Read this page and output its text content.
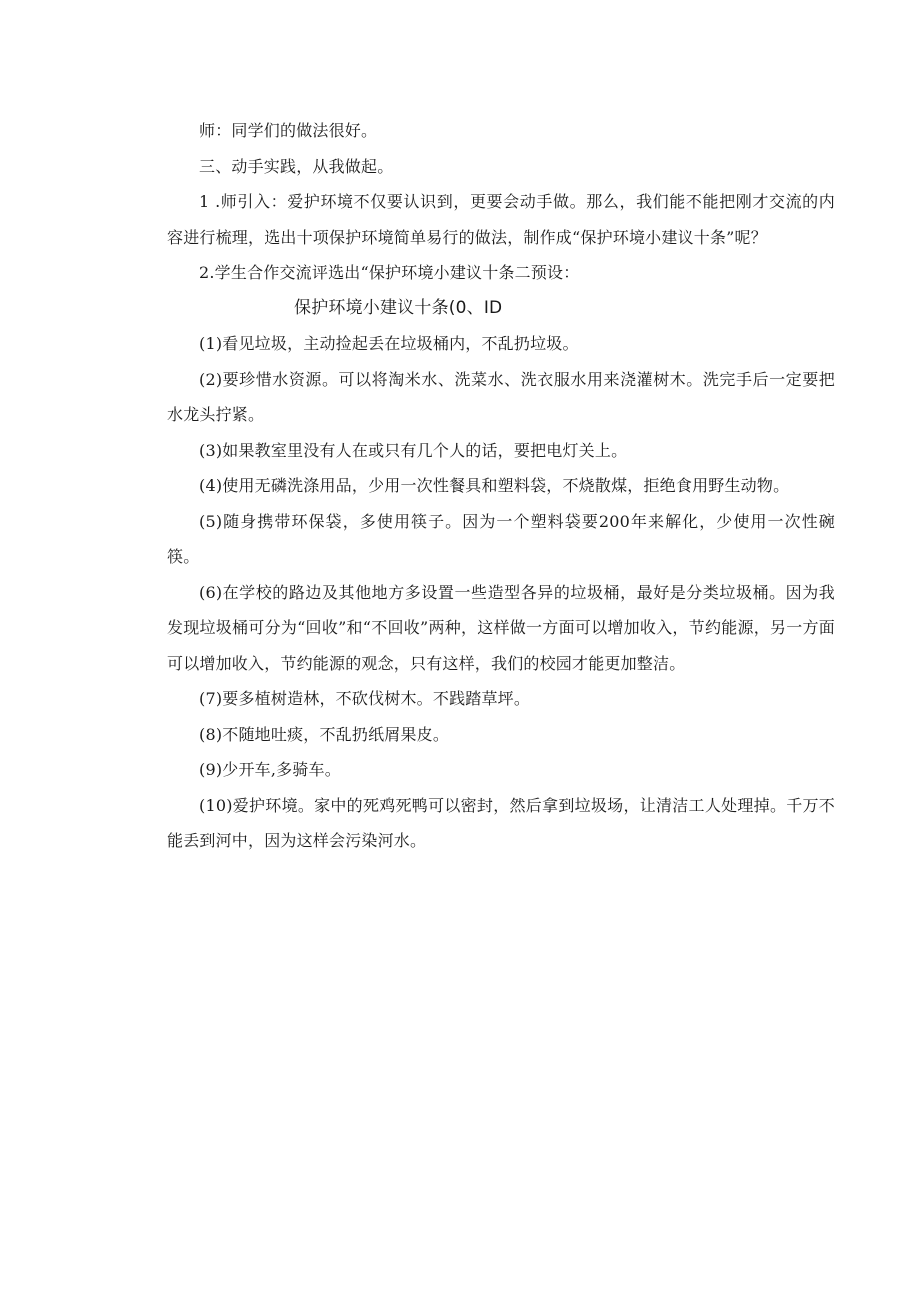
师：同学们的做法很好。

三、动手实践，从我做起。

1 .师引入：爱护环境不仅要认识到，更要会动手做。那么，我们能不能把刚才交流的内容进行梳理，选出十项保护环境简单易行的做法，制作成“保护环境小建议十条”呢？

2.学生合作交流评选出“保护环境小建议十条二预设：

保护环境小建议十条(0、ID

(1)看见垃圾，主动捡起丢在垃圾桶内，不乱扔垃圾。

(2)要珍惜水资源。可以将淘米水、洗菜水、洗衣服水用来浇灌树木。洗完手后一定要把水龙头拧紧。

(3)如果教室里没有人在或只有几个人的话，要把电灯关上。

(4)使用无磷洗涤用品，少用一次性餐具和塑料袋，不烧散煤，拒绝食用野生动物。

(5)随身携带环保袋，多使用筷子。因为一个塑料袋要200年来解化，少使用一次性碗筷。

(6)在学校的路边及其他地方多设置一些造型各异的垃圾桶，最好是分类垃圾桶。因为我发现垃圾桶可分为“回收”和“不回收”两种，这样做一方面可以增加收入，节约能源，另一方面可以增加收入，节约能源的观念，只有这样，我们的校园才能更加整洁。

(7)要多植树造林，不砍伐树木。不践踏草坪。

(8)不随地吐痰，不乱扔纸屑果皮。

(9)少开车,多骑车。

(10)爱护环境。家中的死鸡死鸭可以密封，然后拿到垃圾场，让清洁工人处理掉。千万不能丢到河中，因为这样会污染河水。
